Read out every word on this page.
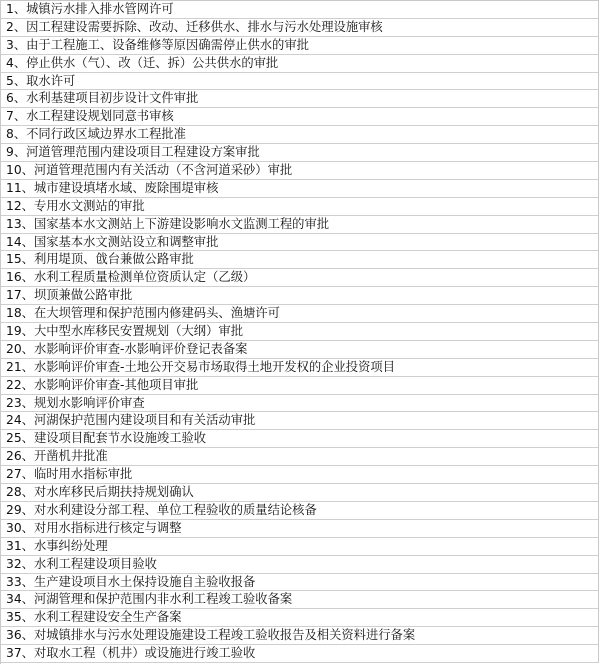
1、城镇污水排入排水管网许可
2、因工程建设需要拆除、改动、迁移供水、排水与污水处理设施审核
3、由于工程施工、设备维修等原因确需停止供水的审批
4、停止供水（气）、改（迁、拆）公共供水的审批
5、取水许可
6、水利基建项目初步设计文件审批
7、水工程建设规划同意书审核
8、不同行政区域边界水工程批准
9、河道管理范围内建设项目工程建设方案审批
10、河道管理范围内有关活动（不含河道采砂）审批
11、城市建设填堵水域、废除围堤审核
12、专用水文测站的审批
13、国家基本水文测站上下游建设影响水文监测工程的审批
14、国家基本水文测站设立和调整审批
15、利用堤顶、戗台兼做公路审批
16、水利工程质量检测单位资质认定（乙级）
17、坝顶兼做公路审批
18、在大坝管理和保护范围内修建码头、渔塘许可
19、大中型水库移民安置规划（大纲）审批
20、水影响评价审查-水影响评价登记表备案
21、水影响评价审查-土地公开交易市场取得土地开发权的企业投资项目
22、水影响评价审查-其他项目审批
23、规划水影响评价审查
24、河湖保护范围内建设项目和有关活动审批
25、建设项目配套节水设施竣工验收
26、开凿机井批准
27、临时用水指标审批
28、对水库移民后期扶持规划确认
29、对水利建设分部工程、单位工程验收的质量结论核备
30、对用水指标进行核定与调整
31、水事纠纷处理
32、水利工程建设项目验收
33、生产建设项目水土保持设施自主验收报备
34、河湖管理和保护范围内非水利工程竣工验收备案
35、水利工程建设安全生产备案
36、对城镇排水与污水处理设施建设工程竣工验收报告及相关资料进行备案
37、对取水工程（机井）或设施进行竣工验收
